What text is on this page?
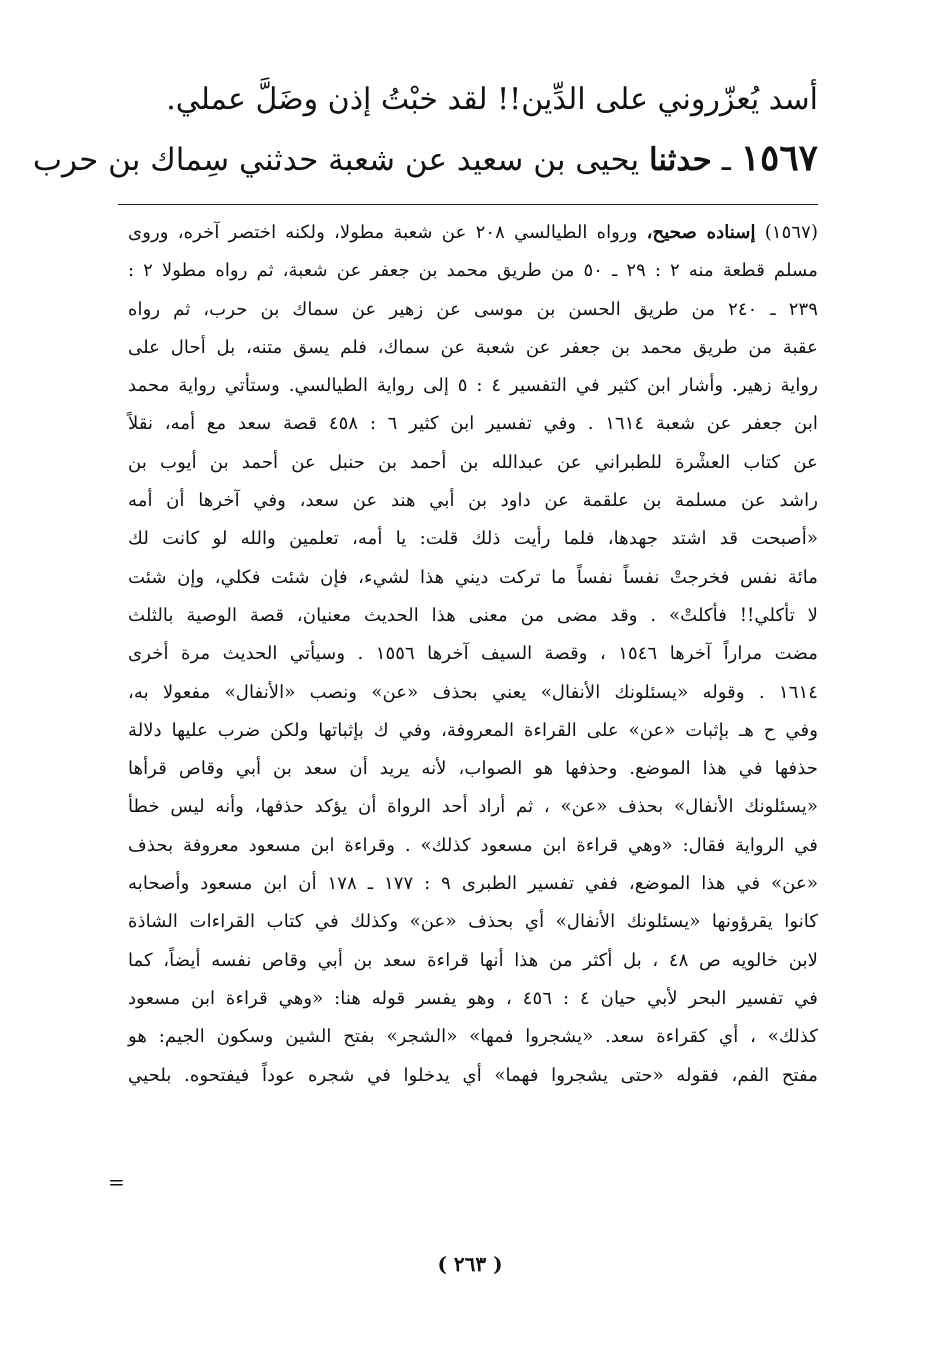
أسد يُعزّروني على الدِّين!! لقد خبْتُ إذن وضَلَّ عملي.
١٥٦٧ ـ حدثنا يحيى بن سعيد عن شعبة حدثني سِماك بن حرب
(١٥٦٧) إسناده صحيح، ورواه الطيالسي ٢٠٨ عن شعبة مطولا، ولكنه اختصر آخره، وروى
مسلم قطعة منه ٢ : ٢٩ ـ ٥٠ من طريق محمد بن جعفر عن شعبة، ثم رواه مطولا ٢ :
٢٣٩ ـ ٢٤٠ من طريق الحسن بن موسى عن زهير عن سماك بن حرب، ثم رواه
عقبة من طريق محمد بن جعفر عن شعبة عن سماك، فلم يسق متنه، بل أحال على
رواية زهير. وأشار ابن كثير في التفسير ٤ : ٥ إلى رواية الطيالسي. وستأتي رواية محمد
ابن جعفر عن شعبة ١٦١٤ . وفي تفسير ابن كثير ٦ : ٤٥٨ قصة سعد مع أمه، نقلاً
عن كتاب العشْرة للطبراني عن عبدالله بن أحمد بن حنبل عن أحمد بن أيوب بن
راشد عن مسلمة بن علقمة عن داود بن أبي هند عن سعد، وفي آخرها أن أمه
«أصبحت قد اشتد جهدها، فلما رأيت ذلك قلت: يا أمه، تعلمين والله لو كانت لك
مائة نفس فخرجتْ نفساً نفساً ما تركت ديني هذا لشيء، فإن شئت فكلي، وإن شئت
لا تأكلي!! فأكلتْ» . وقد مضى من معنى هذا الحديث معنيان، قصة الوصية بالثلث
مضت مراراً آخرها ١٥٤٦ ، وقصة السيف آخرها ١٥٥٦ . وسيأتي الحديث مرة أخرى
١٦١٤ . وقوله «يسئلونك الأنفال» يعني بحذف «عن» ونصب «الأنفال» مفعولا به،
وفي ح هـ بإثبات «عن» على القراءة المعروفة، وفي ك بإثباتها ولكن ضرب عليها دلالة
حذفها في هذا الموضع. وحذفها هو الصواب، لأنه يريد أن سعد بن أبي وقاص قرأها
«يسئلونك الأنفال» بحذف «عن» ، ثم أراد أحد الرواة أن يؤكد حذفها، وأنه ليس خطأ
في الرواية فقال: «وهي قراءة ابن مسعود كذلك» . وقراءة ابن مسعود معروفة بحذف
«عن» في هذا الموضع، ففي تفسير الطبرى ٩ : ١٧٧ ـ ١٧٨ أن ابن مسعود وأصحابه
كانوا يقرؤونها «يسئلونك الأنفال» أي بحذف «عن» وكذلك في كتاب القراءات الشاذة
لابن خالويه ص ٤٨ ، بل أكثر من هذا أنها قراءة سعد بن أبي وقاص نفسه أيضاً، كما
في تفسير البحر لأبي حيان ٤ : ٤٥٦ ، وهو يفسر قوله هنا: «وهي قراءة ابن مسعود
كذلك» ، أي كقراءة سعد. «يشجروا فمها» «الشجر» بفتح الشين وسكون الجيم: هو
مفتح الفم، فقوله «حتى يشجروا فهما» أي يدخلوا في شجره عوداً فيفتحوه. بلحيي
=
( ٢٦٣ )
